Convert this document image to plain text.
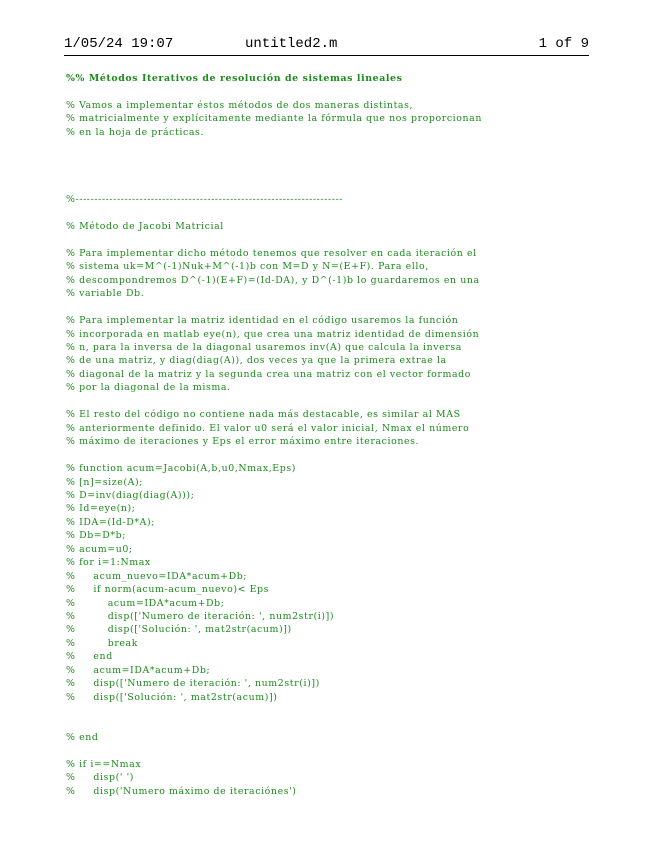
1/05/24 19:07	untitled2.m	1 of 9
%% Métodos Iterativos de resolución de sistemas lineales
% Vamos a implementar éstos métodos de dos maneras distintas,
% matricialmente y explícitamente mediante la fórmula que nos proporcionan
% en la hoja de prácticas.
%-----------------------------------------------------------------------
% Método de Jacobi Matricial
% Para implementar dicho método tenemos que resolver en cada iteración el
% sistema uk=M^(-1)Nuk+M^(-1)b con M=D y N=(E+F). Para ello,
% descompondremos D^(-1)(E+F)=(Id-DA), y D^(-1)b lo guardaremos en una
% variable Db.
% Para implementar la matriz identidad en el código usaremos la función
% incorporada en matlab eye(n), que crea una matriz identidad de dimensión
% n, para la inversa de la diagonal usaremos inv(A) que calcula la inversa
% de una matriz, y diag(diag(A)), dos veces ya que la primera extrae la
% diagonal de la matriz y la segunda crea una matriz con el vector formado
% por la diagonal de la misma.
% El resto del código no contiene nada más destacable, es similar al MAS
% anteriormente definido. El valor u0 será el valor inicial, Nmax el número
% máximo de iteraciones y Eps el error máximo entre iteraciones.
% function acum=Jacobi(A,b,u0,Nmax,Eps)
% [n]=size(A);
% D=inv(diag(diag(A)));
% Id=eye(n);
% IDA=(Id-D*A);
% Db=D*b;
% acum=u0;
% for i=1:Nmax
%     acum_nuevo=IDA*acum+Db;
%     if norm(acum-acum_nuevo)< Eps
%         acum=IDA*acum+Db;
%         disp(['Numero de iteración: ', num2str(i)])
%         disp(['Solución: ', mat2str(acum)])
%         break
%     end
%     acum=IDA*acum+Db;
%     disp(['Numero de iteración: ', num2str(i)])
%     disp(['Solución: ', mat2str(acum)])
% end
% if i==Nmax
%     disp(' ')
%     disp('Numero máximo de iteraciónes')
